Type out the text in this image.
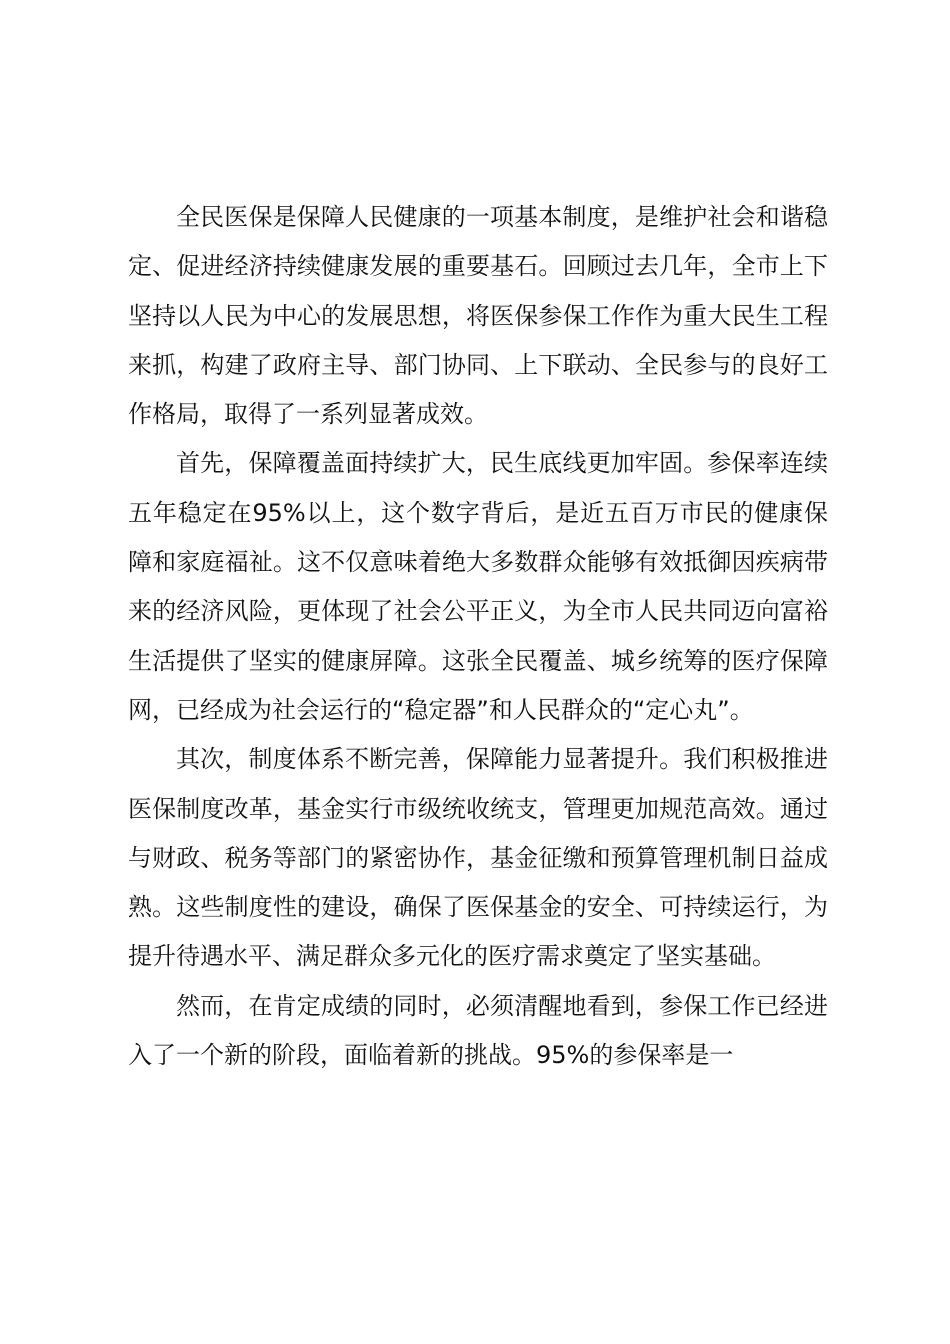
全民医保是保障人民健康的一项基本制度，是维护社会和谐稳定、促进经济持续健康发展的重要基石。回顾过去几年，全市上下坚持以人民为中心的发展思想，将医保参保工作作为重大民生工程来抓，构建了政府主导、部门协同、上下联动、全民参与的良好工作格局，取得了一系列显著成效。

首先，保障覆盖面持续扩大，民生底线更加牢固。参保率连续五年稳定在95%以上，这个数字背后，是近五百万市民的健康保障和家庭福祉。这不仅意味着绝大多数群众能够有效抵御因疾病带来的经济风险，更体现了社会公平正义，为全市人民共同迈向富裕生活提供了坚实的健康屏障。这张全民覆盖、城乡统筹的医疗保障网，已经成为社会运行的“稳定器”和人民群众的“定心丸”。

其次，制度体系不断完善，保障能力显著提升。我们积极推进医保制度改革，基金实行市级统收统支，管理更加规范高效。通过与财政、税务等部门的紧密协作，基金征缴和预算管理机制日益成熟。这些制度性的建设，确保了医保基金的安全、可持续运行，为提升待遇水平、满足群众多元化的医疗需求奠定了坚实基础。

然而，在肯定成绩的同时，必须清醒地看到，参保工作已经进入了一个新的阶段，面临着新的挑战。95%的参保率是一
